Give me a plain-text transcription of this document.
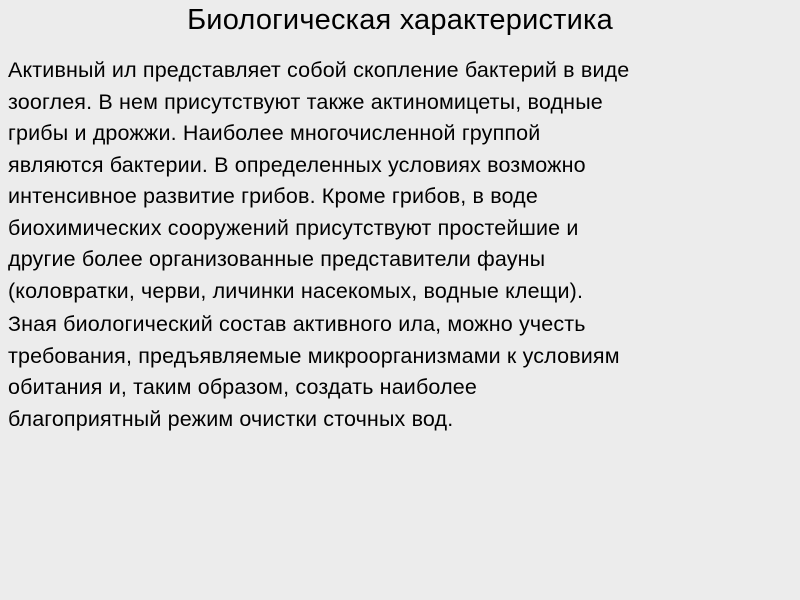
Биологическая характеристика

Активный ил представляет собой скопление бактерий в виде
зооглея. В нем присутствуют также актиномицеты, водные
грибы и дрожжи. Наиболее многочисленной группой
являются бактерии. В определенных условиях возможно
интенсивное развитие грибов. Кроме грибов, в воде
биохимических сооружений присутствуют простейшие и
другие более организованные представители фауны
(коловратки, черви, личинки насекомых, водные клещи).

Зная биологический состав активного ила, можно учесть
требования, предъявляемые микроорганизмами к условиям
обитания и, таким образом, создать наиболее
благоприятный режим очистки сточных вод.
